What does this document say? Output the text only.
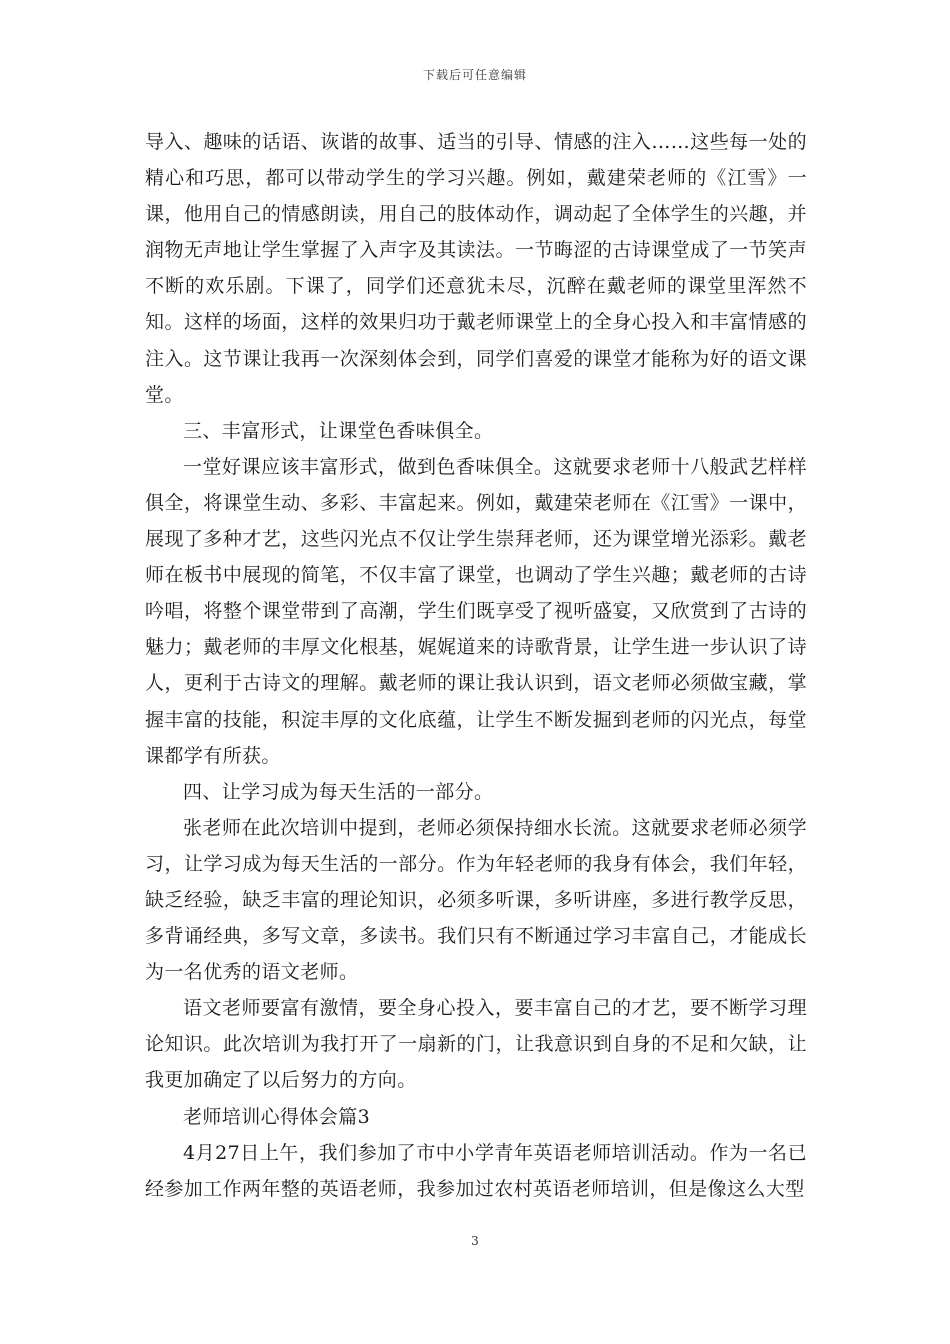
下载后可任意编辑

导入、趣味的话语、诙谐的故事、适当的引导、情感的注入……这些每一处的精心和巧思，都可以带动学生的学习兴趣。例如，戴建荣老师的《江雪》一课，他用自己的情感朗读，用自己的肢体动作，调动起了全体学生的兴趣，并润物无声地让学生掌握了入声字及其读法。一节晦涩的古诗课堂成了一节笑声不断的欢乐剧。下课了，同学们还意犹未尽，沉醉在戴老师的课堂里浑然不知。这样的场面，这样的效果归功于戴老师课堂上的全身心投入和丰富情感的注入。这节课让我再一次深刻体会到，同学们喜爱的课堂才能称为好的语文课堂。

三、丰富形式，让课堂色香味俱全。

一堂好课应该丰富形式，做到色香味俱全。这就要求老师十八般武艺样样俱全，将课堂生动、多彩、丰富起来。例如，戴建荣老师在《江雪》一课中，展现了多种才艺，这些闪光点不仅让学生崇拜老师，还为课堂增光添彩。戴老师在板书中展现的简笔，不仅丰富了课堂，也调动了学生兴趣；戴老师的古诗吟唱，将整个课堂带到了高潮，学生们既享受了视听盛宴，又欣赏到了古诗的魅力；戴老师的丰厚文化根基，娓娓道来的诗歌背景，让学生进一步认识了诗人，更利于古诗文的理解。戴老师的课让我认识到，语文老师必须做宝藏，掌握丰富的技能，积淀丰厚的文化底蕴，让学生不断发掘到老师的闪光点，每堂课都学有所获。

四、让学习成为每天生活的一部分。

张老师在此次培训中提到，老师必须保持细水长流。这就要求老师必须学习，让学习成为每天生活的一部分。作为年轻老师的我身有体会，我们年轻，缺乏经验，缺乏丰富的理论知识，必须多听课，多听讲座，多进行教学反思，多背诵经典，多写文章，多读书。我们只有不断通过学习丰富自己，才能成长为一名优秀的语文老师。

语文老师要富有激情，要全身心投入，要丰富自己的才艺，要不断学习理论知识。此次培训为我打开了一扇新的门，让我意识到自身的不足和欠缺，让我更加确定了以后努力的方向。

老师培训心得体会篇3

4月27日上午，我们参加了市中小学青年英语老师培训活动。作为一名已经参加工作两年整的英语老师，我参加过农村英语老师培训，但是像这么大型

3
